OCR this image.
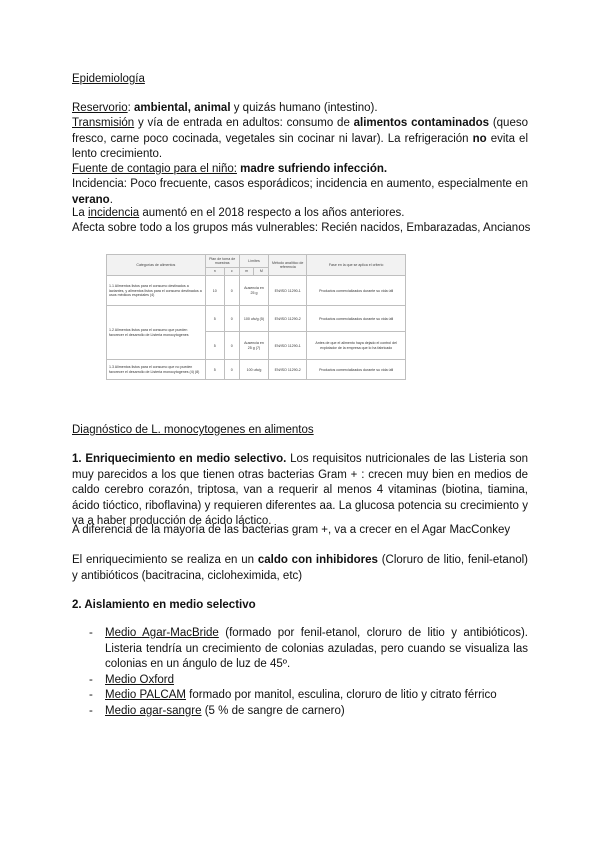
Epidemiología
Reservorio: ambiental, animal y quizás humano (intestino).
Transmisión y vía de entrada en adultos: consumo de alimentos contaminados (queso fresco, carne poco cocinada, vegetales sin cocinar ni lavar). La refrigeración no evita el lento crecimiento.
Fuente de contagio para el niño: madre sufriendo infección.
Incidencia: Poco frecuente, casos esporádicos; incidencia en aumento, especialmente en verano.
La incidencia aumentó en el 2018 respecto a los años anteriores.
Afecta sobre todo a los grupos más vulnerables: Recién nacidos, Embarazadas, Ancianos
Categorías de alimentos	Plan de toma de muestras		Límites		Método analítico de referencia	Fase en la que se aplica el criterio
	n	c	m	M		
1.1 Alimentos listos para el consumo destinados a lactantes, y alimentos listos para el consumo destinados a usos médicos especiales (4)	10	0	Ausencia en 25 g		EN/ISO 11290-1	Productos comercializados durante su vida útil
1.2 Alimentos listos para el consumo que pueden favorecer el desarrollo de Listeria monocytogenes	5	0	100 ufc/g (5)		EN/ISO 11290-2	Productos comercializados durante su vida útil
	5	0	Ausencia en 25 g (7)		EN/ISO 11290-1	Antes de que el alimento haya dejado el control del explotador de la empresa que lo ha fabricado
1.3 Alimentos listos para el consumo que no pueden favorecer el desarrollo de Listeria monocytogenes (4) (8)	5	0	100 ufc/g		EN/ISO 11290-2	Productos comercializados durante su vida útil
Diagnóstico de L. monocytogenes en alimentos
1. Enriquecimiento en medio selectivo. Los requisitos nutricionales de las Listeria son muy parecidos a los que tienen otras bacterias Gram + : crecen muy bien en medios de caldo cerebro corazón, triptosa, van a requerir al menos 4 vitaminas (biotina, tiamina, ácido tióctico, riboflavina) y requieren diferentes aa. La glucosa potencia su crecimiento y va a haber producción de ácido láctico.
A diferencia de la mayoría de las bacterias gram +, va a crecer en el Agar MacConkey
El enriquecimiento se realiza en un caldo con inhibidores (Cloruro de litio, fenil-etanol) y antibióticos (bacitracina, cicloheximida, etc)
2. Aislamiento en medio selectivo
- Medio Agar-MacBride (formado por fenil-etanol, cloruro de litio y antibióticos). Listeria tendría un crecimiento de colonias azuladas, pero cuando se visualiza las colonias en un ángulo de luz de 45º.
- Medio Oxford
- Medio PALCAM formado por manitol, esculina, cloruro de litio y citrato férrico
- Medio agar-sangre (5 % de sangre de carnero)
